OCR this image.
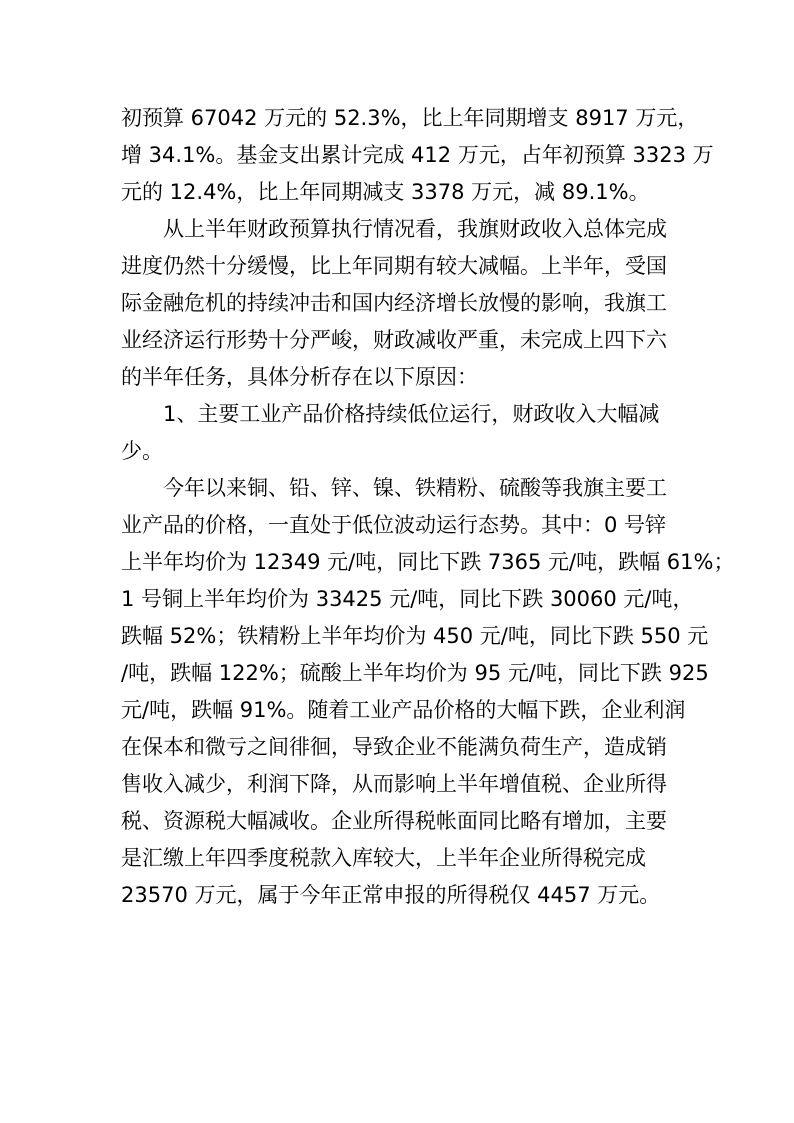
初预算 67042 万元的 52.3%，比上年同期增支 8917 万元，
增 34.1%。基金支出累计完成 412 万元，占年初预算 3323 万
元的 12.4%，比上年同期减支 3378 万元，减 89.1%。
从上半年财政预算执行情况看，我旗财政收入总体完成
进度仍然十分缓慢，比上年同期有较大减幅。上半年，受国
际金融危机的持续冲击和国内经济增长放慢的影响，我旗工
业经济运行形势十分严峻，财政减收严重，未完成上四下六
的半年任务，具体分析存在以下原因：
1、主要工业产品价格持续低位运行，财政收入大幅减
少。
今年以来铜、铅、锌、镍、铁精粉、硫酸等我旗主要工
业产品的价格，一直处于低位波动运行态势。其中：0 号锌
上半年均价为 12349 元/吨，同比下跌 7365 元/吨，跌幅 61%；
1 号铜上半年均价为 33425 元/吨，同比下跌 30060 元/吨，
跌幅 52%；铁精粉上半年均价为 450 元/吨，同比下跌 550 元
/吨，跌幅 122%；硫酸上半年均价为 95 元/吨，同比下跌 925
元/吨，跌幅 91%。随着工业产品价格的大幅下跌，企业利润
在保本和微亏之间徘徊，导致企业不能满负荷生产，造成销
售收入减少，利润下降，从而影响上半年增值税、企业所得
税、资源税大幅减收。企业所得税帐面同比略有增加，主要
是汇缴上年四季度税款入库较大，上半年企业所得税完成
23570 万元，属于今年正常申报的所得税仅 4457 万元。
